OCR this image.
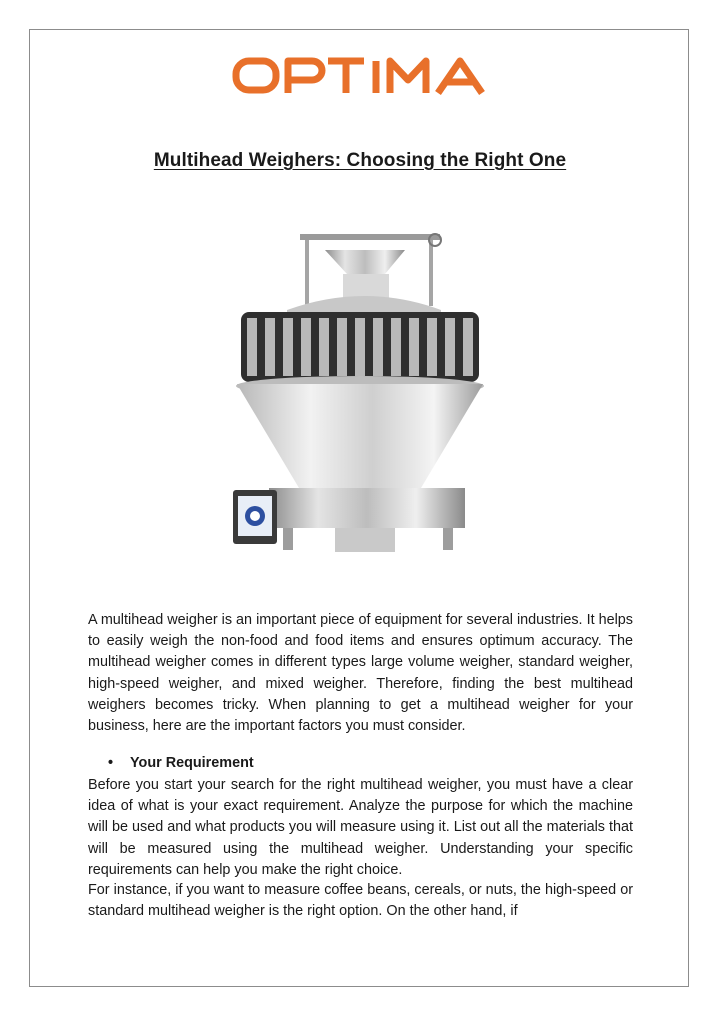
Multihead Weighers: Choosing the Right One

A multihead weigher is an important piece of equipment for several industries. It helps to easily weigh the non-food and food items and ensures optimum accuracy. The multihead weigher comes in different types large volume weigher, standard weigher, high-speed weigher, and mixed weigher. Therefore, finding the best multihead weighers becomes tricky. When planning to get a multihead weigher for your business, here are the important factors you must consider.

• Your Requirement

Before you start your search for the right multihead weigher, you must have a clear idea of what is your exact requirement. Analyze the purpose for which the machine will be used and what products you will measure using it. List out all the materials that will be measured using the multihead weigher. Understanding your specific requirements can help you make the right choice.

For instance, if you want to measure coffee beans, cereals, or nuts, the high-speed or standard multihead weigher is the right option. On the other hand, if
